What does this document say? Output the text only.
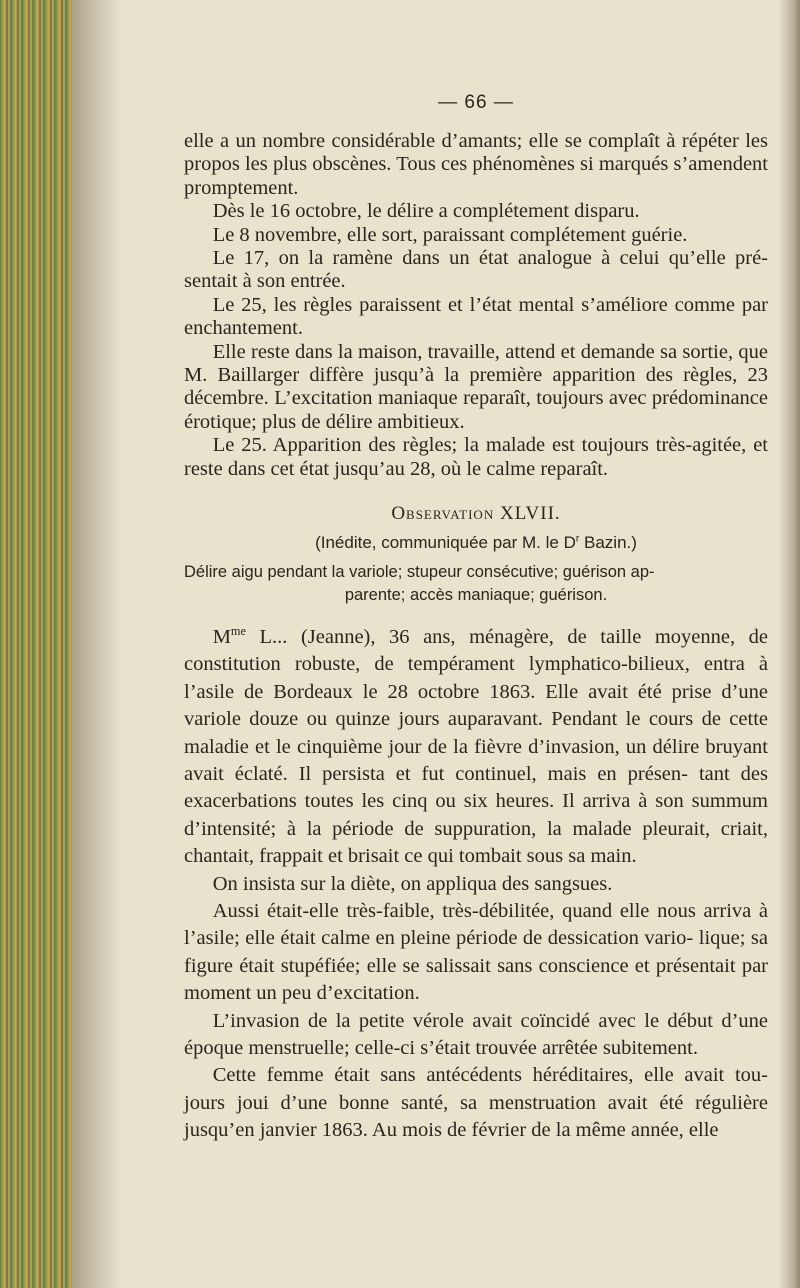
— 66 —

elle a un nombre considérable d’amants; elle se complaît à répéter les propos les plus obscènes. Tous ces phénomènes si marqués s’amendent promptement.

Dès le 16 octobre, le délire a complétement disparu.

Le 8 novembre, elle sort, paraissant complétement guérie.

Le 17, on la ramène dans un état analogue à celui qu’elle pré- sentait à son entrée.

Le 25, les règles paraissent et l’état mental s’améliore comme par enchantement.

Elle reste dans la maison, travaille, attend et demande sa sortie, que M. Baillarger diffère jusqu’à la première apparition des règles, 23 décembre. L’excitation maniaque reparaît, toujours avec prédominance érotique; plus de délire ambitieux.

Le 25. Apparition des règles; la malade est toujours très-agitée, et reste dans cet état jusqu’au 28, où le calme reparaît.

Observation XLVII.
(Inédite, communiquée par M. le $D^r$ Bazin.)
Délire aigu pendant la variole; stupeur consécutive; guérison ap-
parente; accès maniaque; guérison.

$M^{me}$ L... (Jeanne), 36 ans, ménagère, de taille moyenne, de constitution robuste, de tempérament lymphatico-bilieux, entra à l’asile de Bordeaux le 28 octobre 1863. Elle avait été prise d’une variole douze ou quinze jours auparavant. Pendant le cours de cette maladie et le cinquième jour de la fièvre d’invasion, un délire bruyant avait éclaté. Il persista et fut continuel, mais en présen- tant des exacerbations toutes les cinq ou six heures. Il arriva à son summum d’intensité; à la période de suppuration, la malade pleurait, criait, chantait, frappait et brisait ce qui tombait sous sa main.

On insista sur la diète, on appliqua des sangsues.

Aussi était-elle très-faible, très-débilitée, quand elle nous arriva à l’asile; elle était calme en pleine période de dessication vario- lique; sa figure était stupéfiée; elle se salissait sans conscience et présentait par moment un peu d’excitation.

L’invasion de la petite vérole avait coïncidé avec le début d’une époque menstruelle; celle-ci s’était trouvée arrêtée subitement.

Cette femme était sans antécédents héréditaires, elle avait tou- jours joui d’une bonne santé, sa menstruation avait été régulière jusqu’en janvier 1863. Au mois de février de la même année, elle
